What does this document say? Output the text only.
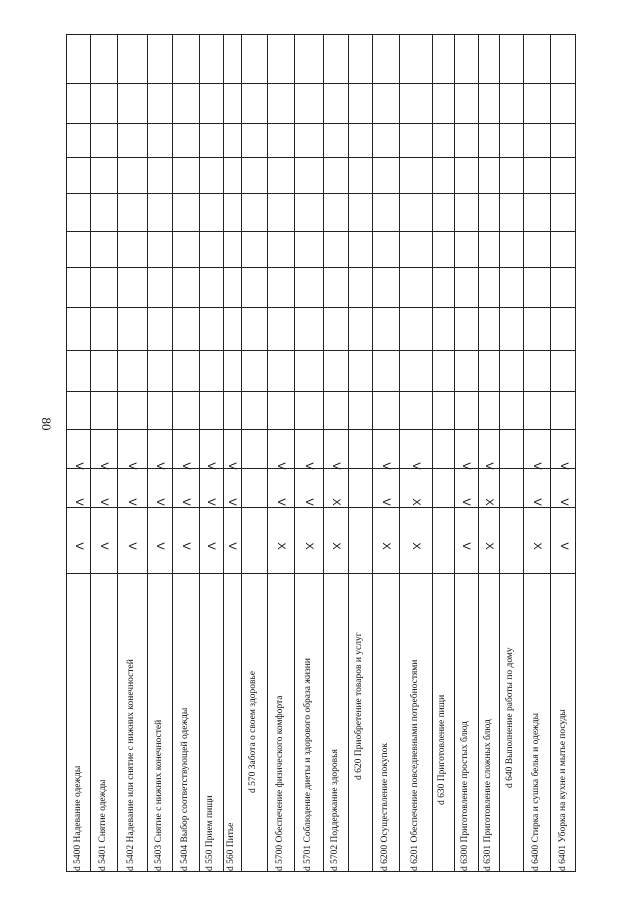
80
d 5400 Надевание одежды
V
V
V
d 5401 Снятие одежды
V
V
V
d 5402 Надевание или снятие с нижних конечностей
V
V
V
d 5403 Снятие с нижних конечностей
V
V
V
d 5404 Выбор соответствующей одежды
V
V
V
d 550 Прием пищи
V
V
V
d 560 Питье
V
V
V
d 570 Забота о своем здоровье d 5700 Обеспечение физического комфорта
X
V
V
d 5701 Соблюдение диеты и здорового образа жизни
X
V
V
d 5702 Поддержание здоровья
X
X
V
d 620 Приобретение товаров и услуг
d 6200 Осуществление покупок
X
V
V
d 6201 Обеспечение повседневными потребностями
X
X
V
d 630 Приготовление пищи d 6300 Приготовление простых блюд
V
V
V
d 6301 Приготовление сложных блюд
X
X
V
d 640 Выполнение работы по дому d 6400 Стирка и сушка белья и одежды
X
V
V
d 6401 Уборка на кухне и мытье посуды
V
V
V
